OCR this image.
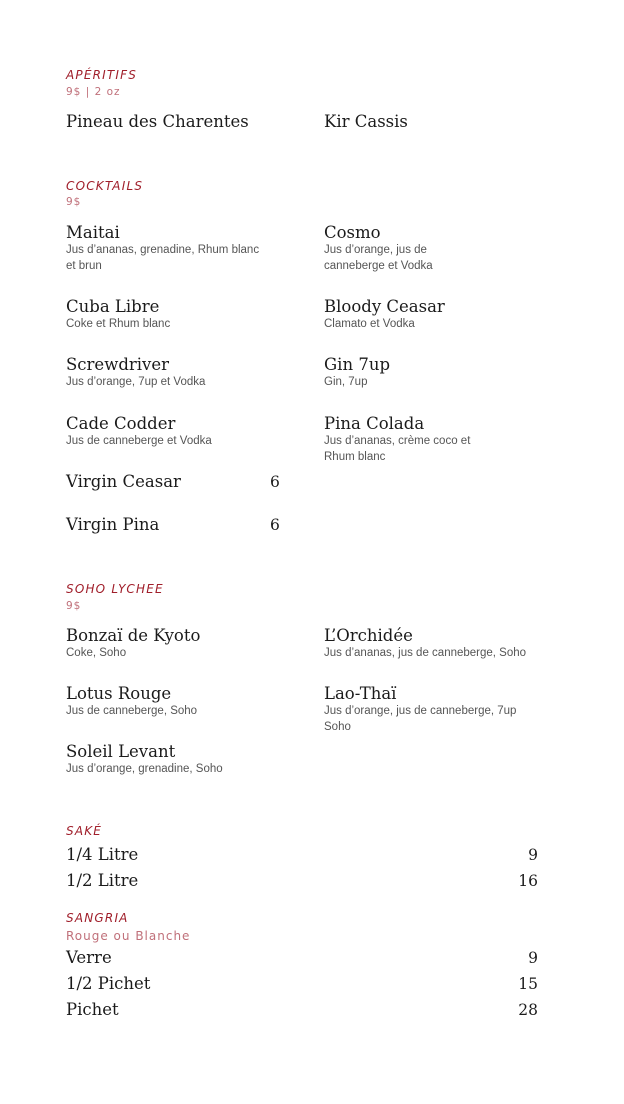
APÉRITIFS
9$ | 2 oz
Pineau des Charentes	Kir Cassis
COCKTAILS
9$
Maitai
Jus d’ananas, grenadine, Rhum blanc et brun
Cosmo
Jus d’orange, jus de canneberge et Vodka
Cuba Libre
Coke et Rhum blanc
Bloody Ceasar
Clamato et Vodka
Screwdriver
Jus d’orange, 7up et Vodka
Gin 7up
Gin, 7up
Cade Codder
Jus de canneberge et Vodka
Pina Colada
Jus d’ananas, crème coco et Rhum blanc
Virgin Ceasar	6
Virgin Pina	6
SOHO LYCHEE
9$
Bonzaï de Kyoto
Coke, Soho
L’Orchidée
Jus d’ananas, jus de canneberge, Soho
Lotus Rouge
Jus de canneberge, Soho
Lao-Thaï
Jus d’orange, jus de canneberge, 7up Soho
Soleil Levant
Jus d’orange, grenadine, Soho
SAKÉ
1/4 Litre	9
1/2 Litre	16
SANGRIA
Rouge ou Blanche
Verre	9
1/2 Pichet	15
Pichet	28
